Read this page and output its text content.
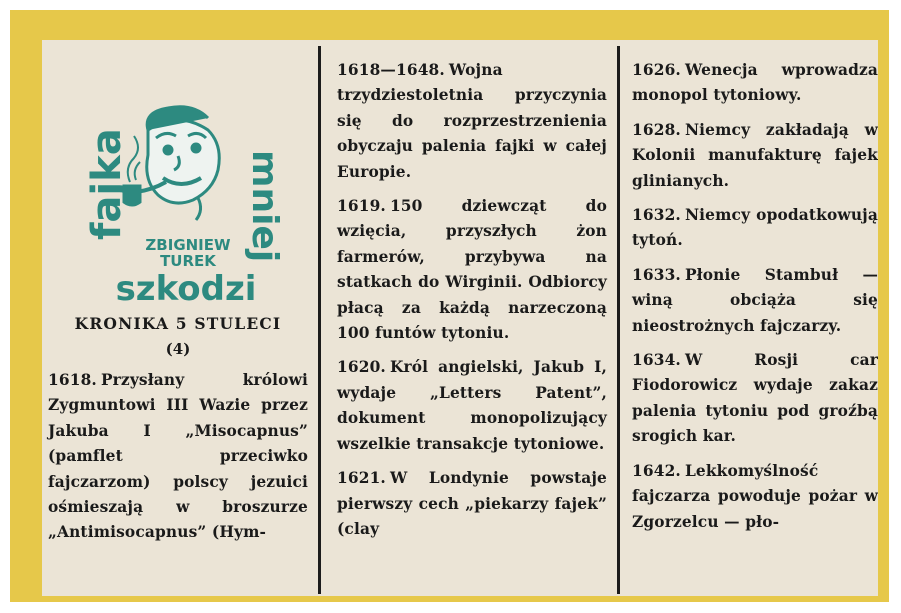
fajka	mniej
ZBIGNIEW
TUREK
szkodzi

KRONIKA 5 STULECI

(4)

1618. Przysłany królowi Zygmuntowi III Wazie przez Jakuba I „Misocapnus” (pamflet przeciwko fajczarzom) polscy jezuici ośmieszają w broszurze „Antimisocapnus” (Hym-

1618—1648. Wojna trzydziestoletnia przyczynia się do rozprzestrzenienia obyczaju palenia fajki w całej Europie.

1619. 150 dziewcząt do wzięcia, przyszłych żon farmerów, przybywa na statkach do Wirginii. Odbiorcy płacą za każdą narzeczoną 100 funtów tytoniu.

1620. Król angielski, Jakub I, wydaje „Letters Patent”, dokument monopolizujący wszelkie transakcje tytoniowe.

1621. W Londynie powstaje pierwszy cech „piekarzy fajek” (clay

1626. Wenecja wprowadza monopol tytoniowy.

1628. Niemcy zakładają w Kolonii manufakturę fajek glinianych.

1632. Niemcy opodatkowują tytoń.

1633. Płonie Stambuł — winą obciąża się nieostrożnych fajczarzy.

1634. W Rosji car Fiodorowicz wydaje zakaz palenia tytoniu pod groźbą srogich kar.

1642. Lekkomyślność fajczarza powoduje pożar w Zgorzelcu — pło-
